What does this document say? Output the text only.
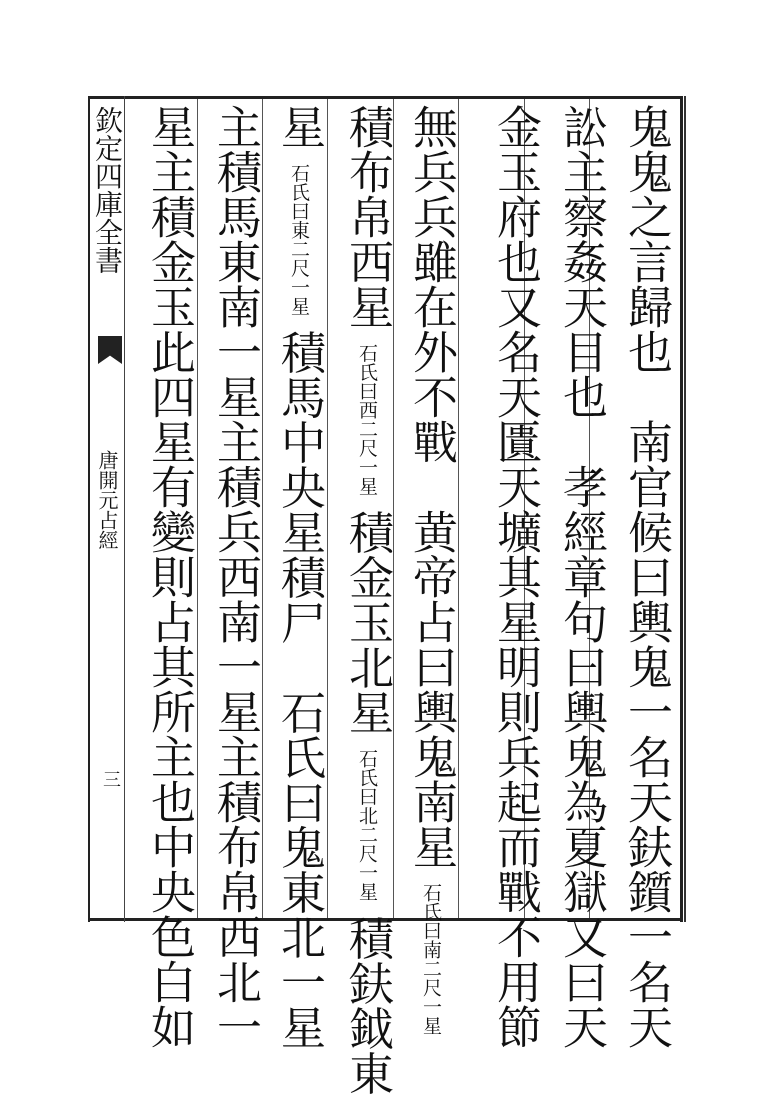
欽定四庫全書
唐開元占經
三	鬼鬼之言歸也　南官候曰輿鬼一名天鈇鑕一名天
訟主察姦天目也　孝經章句曰輿鬼為夏獄又曰天
金玉府也又名天匱天壙其星明則兵起而戰不用節
無兵兵雖在外不戰　黄帝占曰輿鬼南星 石氏曰南二尺一星
積布帛西星 石氏曰西二尺一星 積金玉北星 石氏曰北二尺一星 積鈇鉞東
星 石氏曰東二尺一星 積馬中央星積尸　石氏曰鬼東北一星
主積馬東南一星主積兵西南一星主積布帛西北一
星主積金玉此四星有變則占其所主也中央色白如
